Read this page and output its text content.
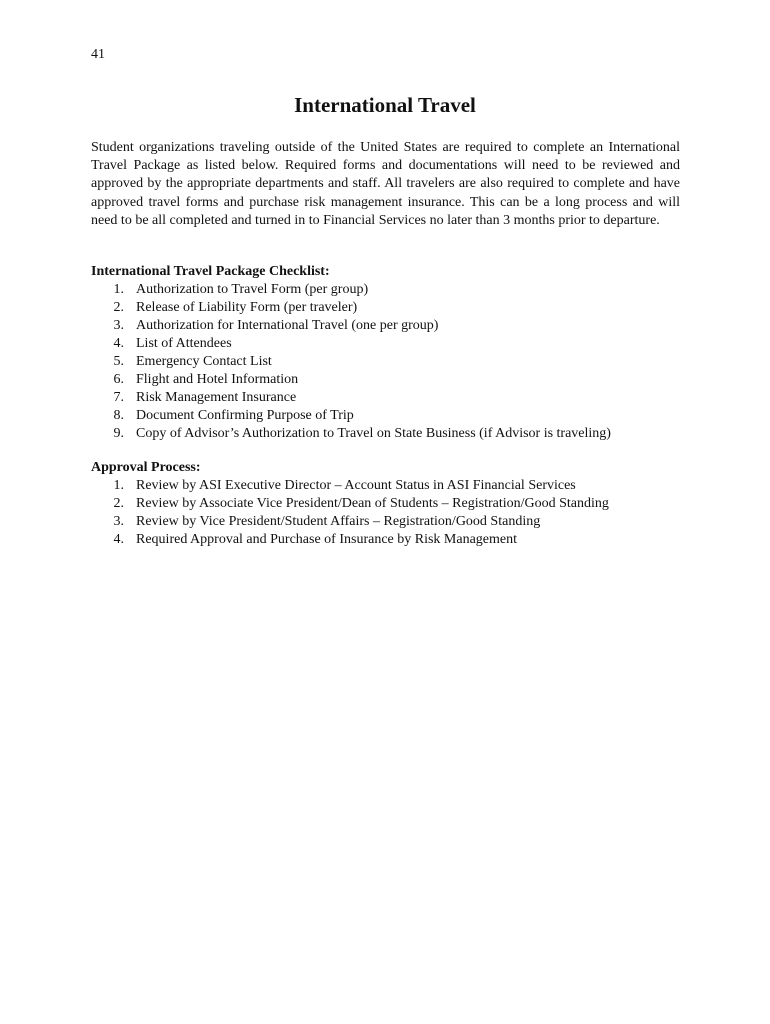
41
International Travel

Student organizations traveling outside of the United States are required to complete an International Travel Package as listed below. Required forms and documentations will need to be reviewed and approved by the appropriate departments and staff. All travelers are also required to complete and have approved travel forms and purchase risk management insurance. This can be a long process and will need to be all completed and turned in to Financial Services no later than 3 months prior to departure.

International Travel Package Checklist:

1. Authorization to Travel Form (per group)
2. Release of Liability Form (per traveler)
3. Authorization for International Travel (one per group)
4. List of Attendees
5. Emergency Contact List
6. Flight and Hotel Information
7. Risk Management Insurance
8. Document Confirming Purpose of Trip
9. Copy of Advisor’s Authorization to Travel on State Business (if Advisor is traveling)

Approval Process:

1. Review by ASI Executive Director – Account Status in ASI Financial Services
2. Review by Associate Vice President/Dean of Students – Registration/Good Standing
3. Review by Vice President/Student Affairs – Registration/Good Standing
4. Required Approval and Purchase of Insurance by Risk Management
